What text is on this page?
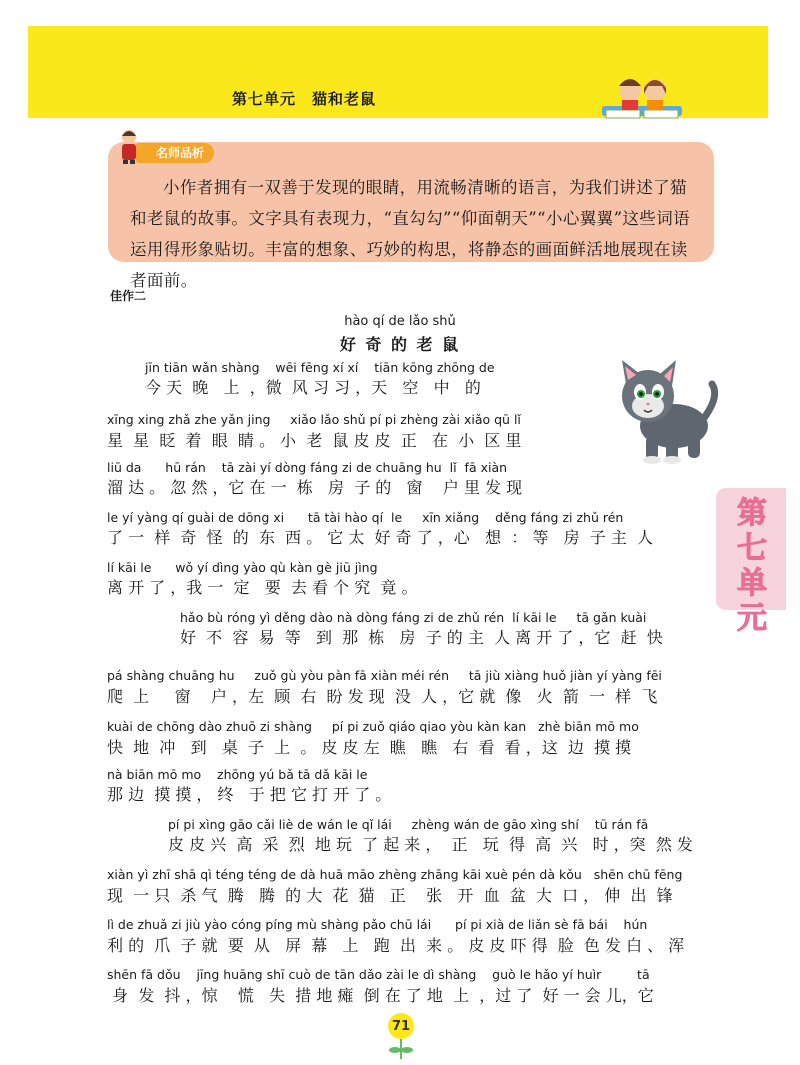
第七单元　猫和老鼠
名师品析

小作者拥有一双善于发现的眼睛，用流畅清晰的语言，为我们讲述了猫和老鼠的故事。文字具有表现力，“直勾勾”“仰面朝天”“小心翼翼”这些词语运用得形象贴切。丰富的想象、巧妙的构思，将静态的画面鲜活地展现在读者面前。

佳作二
hào qí de lǎo shǔ
好 奇 的 老 鼠
jīn tiān wǎn shàng    wēi fēng xí xí    tiān kōng zhōng de
今 天  晚   上  ，微  风 习 习 ，天   空   中   的
xīng xing zhǎ zhe yǎn jing     xiǎo lǎo shǔ pí pi zhèng zài xiǎo qū lǐ
星  星  眨  着  眼  睛 。 小  老  鼠 皮 皮  正   在  小  区 里
liū da      hū rán    tā zài yí dòng fáng zi de chuāng hu  lǐ  fā xiàn
溜 达 。 忽 然 ，它 在 一  栋   房  子 的   窗    户 里 发 现
le yí yàng qí guài de dōng xi      tā tài hào qí  le     xīn xiǎng    děng fáng zi zhǔ rén
了 一  样  奇  怪  的  东  西 。 它 太  好 奇 了 ，心   想  ： 等   房  子 主  人
lí kāi le      wǒ yí dìng yào qù kàn gè jiū jìng
离 开 了 ，我 一  定   要  去 看 个 究  竟 。
hǎo bù róng yì děng dào nà dòng fáng zi de zhǔ rén  lí kāi le     tā gǎn kuài
好  不  容  易  等   到  那  栋   房  子 的 主  人 离 开 了 ，它  赶  快
pá shàng chuāng hu     zuǒ gù yòu pàn fā xiàn méi rén     tā jiù xiàng huǒ jiàn yí yàng fēi
爬  上     窗    户 ，左  顾  右  盼 发 现  没  人 ，它 就  像   火  箭  一  样  飞
kuài de chōng dào zhuō zi shàng     pí pi zuǒ qiáo qiao yòu kàn kan   zhè biān mō mo
快  地  冲   到   桌  子  上  。 皮 皮 左  瞧   瞧   右  看  看 ，这  边  摸 摸
nà biān mō mo    zhōng yú bǎ tā dǎ kāi le
那 边  摸 摸 ， 终   于 把 它 打 开 了 。
pí pi xìng gāo cǎi liè de wán le qǐ lái     zhèng wán de gāo xìng shí    tū rán fā
皮 皮 兴  高  采  烈  地 玩  了 起 来 ，  正   玩  得  高  兴   时 ，突  然 发
xiàn yì zhī shā qì téng téng de dà huā māo zhèng zhāng kāi xuè pén dà kǒu   shēn chū fēng
现  一 只  杀 气  腾   腾  的 大  花  猫   正    张   开  血  盆  大  口 ， 伸  出  锋
lì de zhuǎ zi jiù yào cóng píng mù shàng pǎo chū lái      pí pi xià de liǎn sè fā bái    hún
利 的  爪  子 就  要  从   屏  幕   上   跑  出  来 。 皮 皮 吓 得  脸  色 发 白 、 浑
shēn fā dǒu    jīng huāng shī cuò de tān dǎo zài le dì shàng    guò le hǎo yí huìr         tā
身  发  抖 ，惊    慌   失  措 地 瘫  倒 在 了 地  上  ，过 了  好 一 会 儿，它
第七单元
71
